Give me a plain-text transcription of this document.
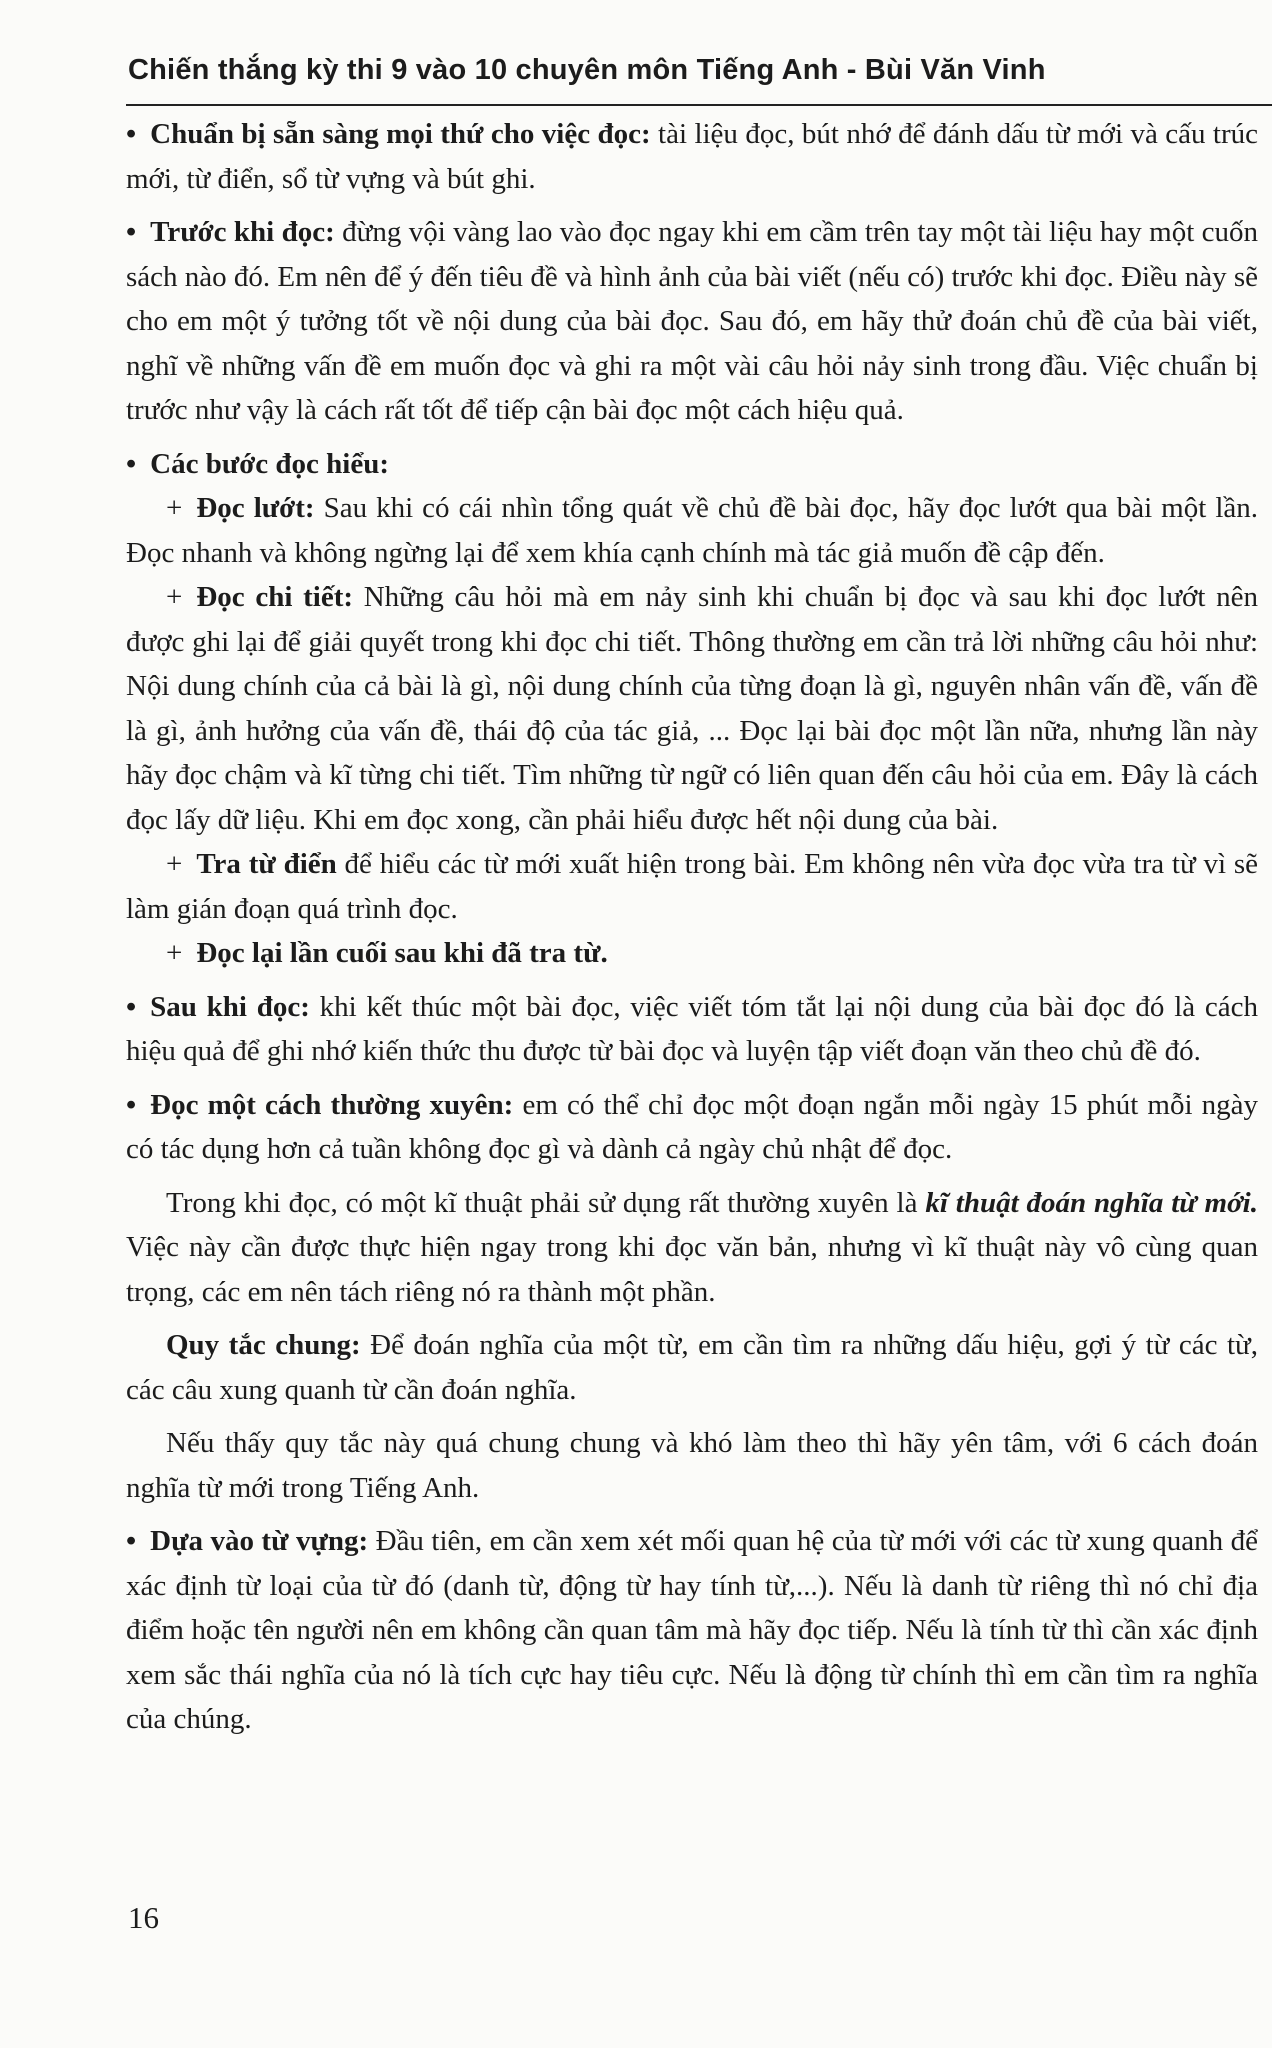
Chiến thắng kỳ thi 9 vào 10 chuyên môn Tiếng Anh - Bùi Văn Vinh

• Chuẩn bị sẵn sàng mọi thứ cho việc đọc: tài liệu đọc, bút nhớ để đánh dấu từ mới và cấu trúc mới, từ điển, sổ từ vựng và bút ghi.

• Trước khi đọc: đừng vội vàng lao vào đọc ngay khi em cầm trên tay một tài liệu hay một cuốn sách nào đó. Em nên để ý đến tiêu đề và hình ảnh của bài viết (nếu có) trước khi đọc. Điều này sẽ cho em một ý tưởng tốt về nội dung của bài đọc. Sau đó, em hãy thử đoán chủ đề của bài viết, nghĩ về những vấn đề em muốn đọc và ghi ra một vài câu hỏi nảy sinh trong đầu. Việc chuẩn bị trước như vậy là cách rất tốt để tiếp cận bài đọc một cách hiệu quả.

• Các bước đọc hiểu:

+ Đọc lướt: Sau khi có cái nhìn tổng quát về chủ đề bài đọc, hãy đọc lướt qua bài một lần. Đọc nhanh và không ngừng lại để xem khía cạnh chính mà tác giả muốn đề cập đến.

+ Đọc chi tiết: Những câu hỏi mà em nảy sinh khi chuẩn bị đọc và sau khi đọc lướt nên được ghi lại để giải quyết trong khi đọc chi tiết. Thông thường em cần trả lời những câu hỏi như: Nội dung chính của cả bài là gì, nội dung chính của từng đoạn là gì, nguyên nhân vấn đề, vấn đề là gì, ảnh hưởng của vấn đề, thái độ của tác giả, ... Đọc lại bài đọc một lần nữa, nhưng lần này hãy đọc chậm và kĩ từng chi tiết. Tìm những từ ngữ có liên quan đến câu hỏi của em. Đây là cách đọc lấy dữ liệu. Khi em đọc xong, cần phải hiểu được hết nội dung của bài.

+ Tra từ điển để hiểu các từ mới xuất hiện trong bài. Em không nên vừa đọc vừa tra từ vì sẽ làm gián đoạn quá trình đọc.

+ Đọc lại lần cuối sau khi đã tra từ.

• Sau khi đọc: khi kết thúc một bài đọc, việc viết tóm tắt lại nội dung của bài đọc đó là cách hiệu quả để ghi nhớ kiến thức thu được từ bài đọc và luyện tập viết đoạn văn theo chủ đề đó.

• Đọc một cách thường xuyên: em có thể chỉ đọc một đoạn ngắn mỗi ngày 15 phút mỗi ngày có tác dụng hơn cả tuần không đọc gì và dành cả ngày chủ nhật để đọc.

Trong khi đọc, có một kĩ thuật phải sử dụng rất thường xuyên là kĩ thuật đoán nghĩa từ mới. Việc này cần được thực hiện ngay trong khi đọc văn bản, nhưng vì kĩ thuật này vô cùng quan trọng, các em nên tách riêng nó ra thành một phần.

Quy tắc chung: Để đoán nghĩa của một từ, em cần tìm ra những dấu hiệu, gợi ý từ các từ, các câu xung quanh từ cần đoán nghĩa.

Nếu thấy quy tắc này quá chung chung và khó làm theo thì hãy yên tâm, với 6 cách đoán nghĩa từ mới trong Tiếng Anh.

• Dựa vào từ vựng: Đầu tiên, em cần xem xét mối quan hệ của từ mới với các từ xung quanh để xác định từ loại của từ đó (danh từ, động từ hay tính từ,...). Nếu là danh từ riêng thì nó chỉ địa điểm hoặc tên người nên em không cần quan tâm mà hãy đọc tiếp. Nếu là tính từ thì cần xác định xem sắc thái nghĩa của nó là tích cực hay tiêu cực. Nếu là động từ chính thì em cần tìm ra nghĩa của chúng.

16
